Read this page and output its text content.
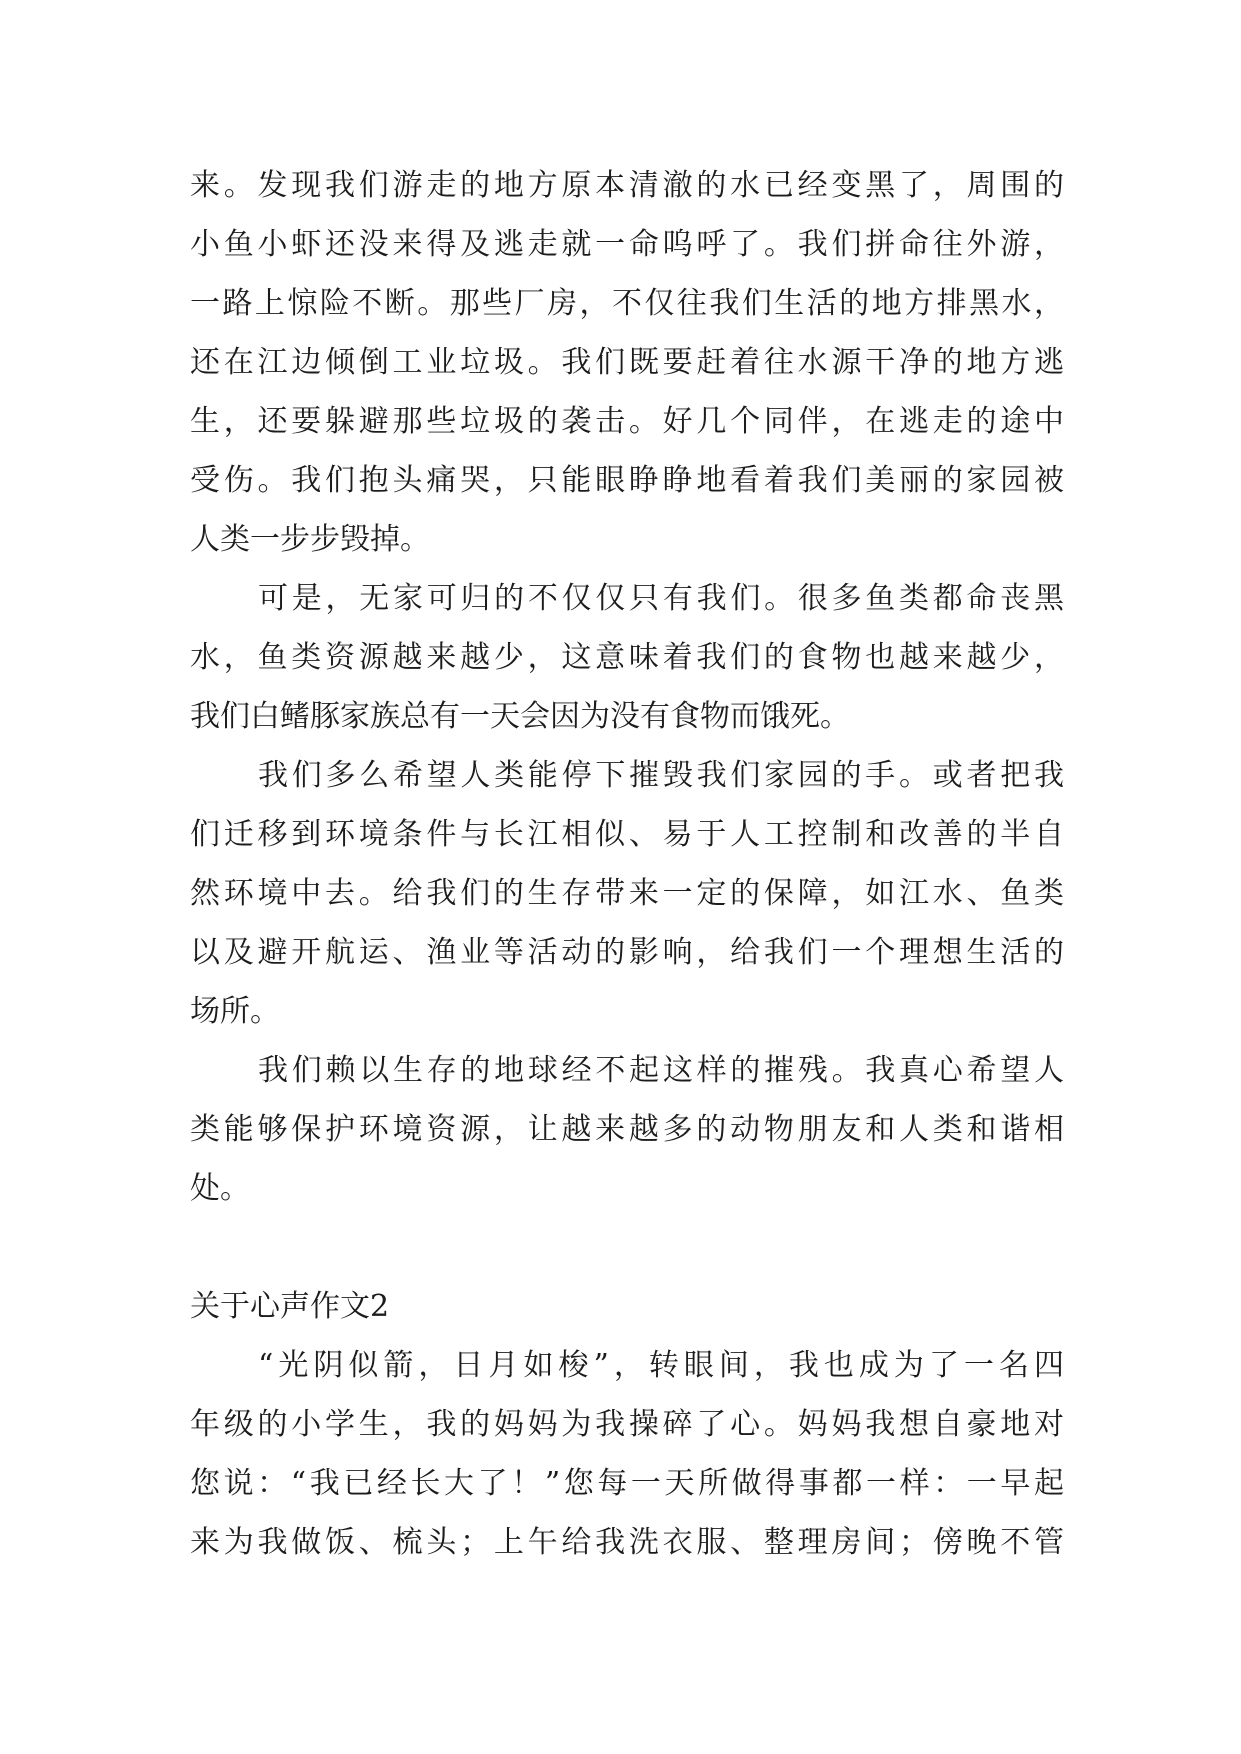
来。发现我们游走的地方原本清澈的水已经变黑了，周围的
小鱼小虾还没来得及逃走就一命呜呼了。我们拼命往外游，
一路上惊险不断。那些厂房，不仅往我们生活的地方排黑水，
还在江边倾倒工业垃圾。我们既要赶着往水源干净的地方逃
生，还要躲避那些垃圾的袭击。好几个同伴，在逃走的途中
受伤。我们抱头痛哭，只能眼睁睁地看着我们美丽的家园被
人类一步步毁掉。
可是，无家可归的不仅仅只有我们。很多鱼类都命丧黑
水，鱼类资源越来越少，这意味着我们的食物也越来越少，
我们白鳍豚家族总有一天会因为没有食物而饿死。
我们多么希望人类能停下摧毁我们家园的手。或者把我
们迁移到环境条件与长江相似、易于人工控制和改善的半自
然环境中去。给我们的生存带来一定的保障，如江水、鱼类
以及避开航运、渔业等活动的影响，给我们一个理想生活的
场所。
我们赖以生存的地球经不起这样的摧残。我真心希望人
类能够保护环境资源，让越来越多的动物朋友和人类和谐相
处。
关于心声作文2
“光阴似箭，日月如梭”，转眼间，我也成为了一名四
年级的小学生，我的妈妈为我操碎了心。妈妈我想自豪地对
您说：“我已经长大了！”您每一天所做得事都一样：一早起
来为我做饭、梳头；上午给我洗衣服、整理房间；傍晚不管
